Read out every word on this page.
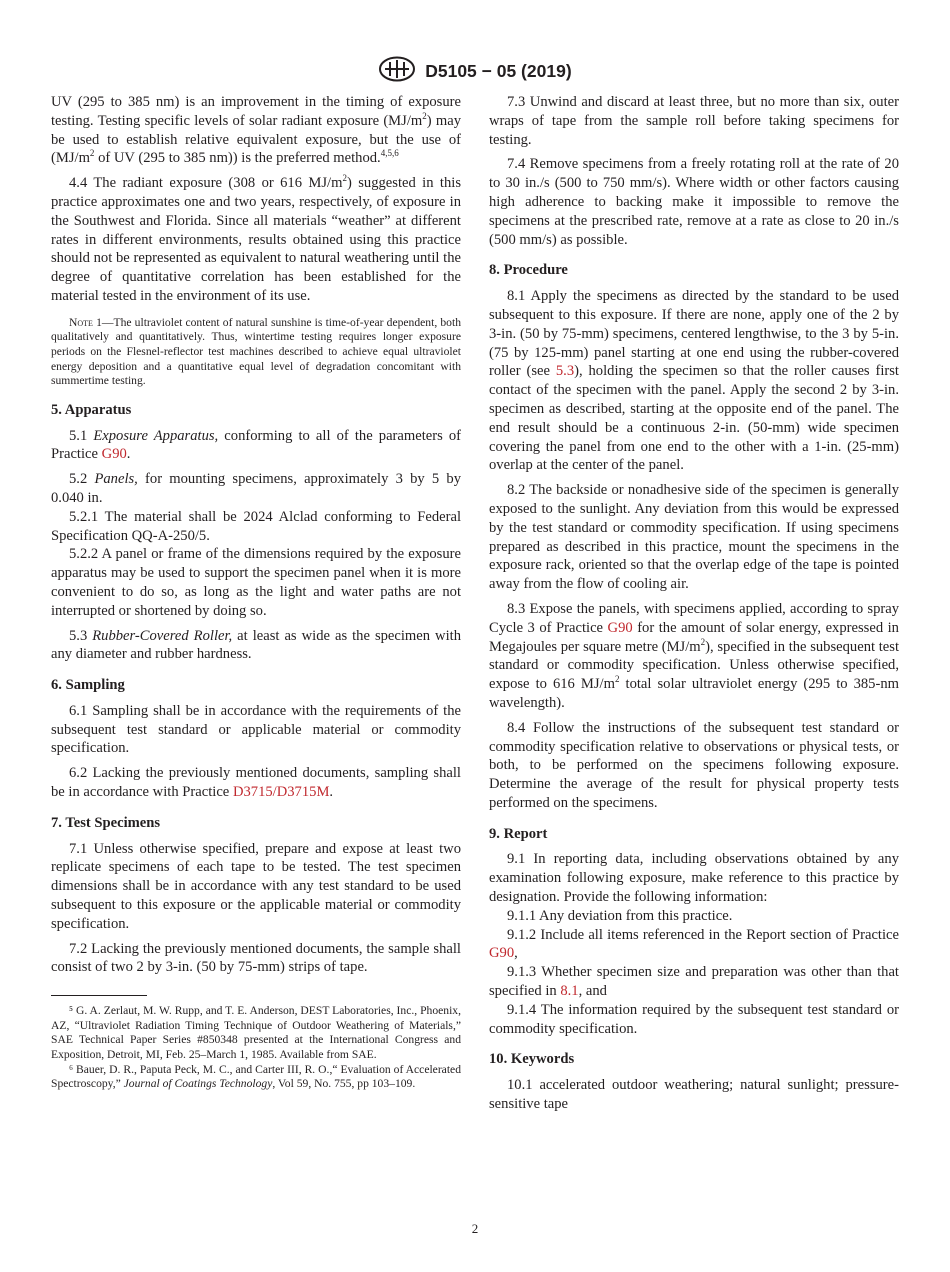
D5105 − 05 (2019)

UV (295 to 385 nm) is an improvement in the timing of exposure testing. Testing specific levels of solar radiant exposure $(MJ/m^2)$ may be used to establish relative equivalent exposure, but the use of ($MJ/m^2$ of UV (295 to 385 nm)) is the preferred method.$^{4,5,6}$

4.4 The radiant exposure (308 or 616 $MJ/m^2$) suggested in this practice approximates one and two years, respectively, of exposure in the Southwest and Florida. Since all materials “weather” at different rates in different environments, results obtained using this practice should not be represented as equivalent to natural weathering until the degree of quantitative correlation has been established for the material tested in the environment of its use.

Note 1—The ultraviolet content of natural sunshine is time-of-year dependent, both qualitatively and quantitatively. Thus, wintertime testing requires longer exposure periods on the Flesnel-reflector test machines described to achieve equal ultraviolet energy deposition and a quantitative equal level of degradation concomitant with summertime testing.

5. Apparatus

5.1 Exposure Apparatus, conforming to all of the parameters of Practice G90.

5.2 Panels, for mounting specimens, approximately 3 by 5 by 0.040 in.

5.2.1 The material shall be 2024 Alclad conforming to Federal Specification QQ-A-250/5.

5.2.2 A panel or frame of the dimensions required by the exposure apparatus may be used to support the specimen panel when it is more convenient to do so, as long as the light and water paths are not interrupted or shortened by doing so.

5.3 Rubber-Covered Roller, at least as wide as the specimen with any diameter and rubber hardness.

6. Sampling

6.1 Sampling shall be in accordance with the requirements of the subsequent test standard or applicable material or commodity specification.

6.2 Lacking the previously mentioned documents, sampling shall be in accordance with Practice D3715/D3715M.

7. Test Specimens

7.1 Unless otherwise specified, prepare and expose at least two replicate specimens of each tape to be tested. The test specimen dimensions shall be in accordance with any test standard to be used subsequent to this exposure or the applicable material or commodity specification.

7.2 Lacking the previously mentioned documents, the sample shall consist of two 2 by 3-in. (50 by 75-mm) strips of tape.

⁵ G. A. Zerlaut, M. W. Rupp, and T. E. Anderson, DEST Laboratories, Inc., Phoenix, AZ, “Ultraviolet Radiation Timing Technique of Outdoor Weathering of Materials,” SAE Technical Paper Series #850348 presented at the International Congress and Exposition, Detroit, MI, Feb. 25–March 1, 1985. Available from SAE.

⁶ Bauer, D. R., Paputa Peck, M. C., and Carter III, R. O.,“ Evaluation of Accelerated Spectroscopy,” Journal of Coatings Technology, Vol 59, No. 755, pp 103–109.

7.3 Unwind and discard at least three, but no more than six, outer wraps of tape from the sample roll before taking specimens for testing.

7.4 Remove specimens from a freely rotating roll at the rate of 20 to 30 in./s (500 to 750 mm/s). Where width or other factors causing high adherence to backing make it impossible to remove the specimens at the prescribed rate, remove at a rate as close to 20 in./s (500 mm/s) as possible.

8. Procedure

8.1 Apply the specimens as directed by the standard to be used subsequent to this exposure. If there are none, apply one of the 2 by 3-in. (50 by 75-mm) specimens, centered lengthwise, to the 3 by 5-in. (75 by 125-mm) panel starting at one end using the rubber-covered roller (see 5.3), holding the specimen so that the roller causes first contact of the specimen with the panel. Apply the second 2 by 3-in. specimen as described, starting at the opposite end of the panel. The end result should be a continuous 2-in. (50-mm) wide specimen covering the panel from one end to the other with a 1-in. (25-mm) overlap at the center of the panel.

8.2 The backside or nonadhesive side of the specimen is generally exposed to the sunlight. Any deviation from this would be expressed by the test standard or commodity specification. If using specimens prepared as described in this practice, mount the specimens in the exposure rack, oriented so that the overlap edge of the tape is pointed away from the flow of cooling air.

8.3 Expose the panels, with specimens applied, according to spray Cycle 3 of Practice G90 for the amount of solar energy, expressed in Megajoules per square metre $(MJ/m^2)$, specified in the subsequent test standard or commodity specification. Unless otherwise specified, expose to 616 $MJ/m^2$ total solar ultraviolet energy (295 to 385-nm wavelength).

8.4 Follow the instructions of the subsequent test standard or commodity specification relative to observations or physical tests, or both, to be performed on the specimens following exposure. Determine the average of the result for physical property tests performed on the specimens.

9. Report

9.1 In reporting data, including observations obtained by any examination following exposure, make reference to this practice by designation. Provide the following information:

9.1.1 Any deviation from this practice.

9.1.2 Include all items referenced in the Report section of Practice G90,

9.1.3 Whether specimen size and preparation was other than that specified in 8.1, and

9.1.4 The information required by the subsequent test standard or commodity specification.

10. Keywords

10.1 accelerated outdoor weathering; natural sunlight; pressure-sensitive tape

2
